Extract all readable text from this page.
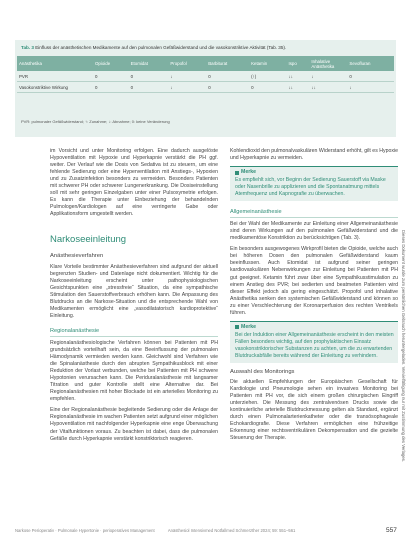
Tab. 3 Einfluss der anästhetischen Medikamente auf den pulmonalen Gefäßwiderstand und die vasokonstriktive Aktivität (Tab. 35).
Anästhetika	Opioide	Etomidat	Propofol	Barbiturat	Ketamin	Ispo	Inhalative Anästhetika	Sevofluran
PVR	0	0	↓	0	(↑)	↓↓	↓	0
Vasokonstriktive Wirkung	0	0	↓	0	0	↓↓	↓↓	↓
PVR: pulmonaler Gefäßwiderstand; ↑: Zunahme; ↓: Abnahme; 0: keine Veränderung

im Vorsicht und unter Monitoring erfolgen. Eine dadurch ausgelöste Hypoventilation mit Hypoxie und Hyperkapnie verstärkt die PH ggf. weiter. Der Verlauf wie die Dosis von Sedativa ist zu steuern, um eine fehlende Sedierung oder eine Hyperventilation mit Anstiegs-, Hypoxien und zu Zusatzinfektion besonders zu vermeiden. Besonders Patienten mit schwerer PH oder schwerer Lungenerkrankung. Die Dosiseinstellung soll mit sehr geringen Einzelgaben unter einer Pulsoxymetrie erfolgen. Es kann die Therapie unter Einbeziehung der behandelnden Pulmologen/Kardiologen auf eine verringerte Gabe oder Applikationsform umgestellt werden.

Narkoseeinleitung
Anästhesieverfahren

Klare Vorteile bestimmter Anästhesieverfahren sind aufgrund der aktuell begrenzten Studien- und Datenlage nicht dokumentiert. Wichtig für die Narkoseeinleitung erscheint unter pathophysiologischen Gesichtspunkten eine „stressfreie“ Situation, da eine sympathische Stimulation den Sauerstoffverbrauch erhöhen kann. Die Anpassung des Blutdrucks an die Narkose-Situation und die entsprechende Wahl von Medikamenten ermöglicht eine „vasodilatatorisch kardioprotektive“ Einleitung.

Regionalanästhesie

Regionalanästhesiologische Verfahren können bei Patienten mit PH grundsätzlich vorteilhaft sein, da eine Beeinflussung der pulmonalen Hämodynamik vermieden werden kann. Gleichwohl sind Verfahren wie die Spinalanästhesie durch den abrupten Sympathikusblock mit einer Reduktion der Vorlast verbunden, welche bei Patienten mit PH schwere Hypotonien verursachen kann. Die Periduralanästhesie mit langsamer Titration und guter Kontrolle stellt eine Alternative dar. Bei Regionalanästhesien mit hoher Blockade ist ein arterielles Monitoring zu empfehlen.

Eine der Regionalanästhesie begleitende Sedierung oder die Anlage der Regionalanästhesie im wachen Patienten setzt aufgrund einer möglichen Hypoventilation mit nachfolgender Hyperkapnie eine enge Überwachung der Vitalfunktionen voraus. Zu beachten ist dabei, dass die pulmonalen Gefäße durch Hyperkapnie verstärkt konstriktorisch reagieren.

Kohlendioxid den pulmonalvaskulären Widerstand erhöht, gilt es Hypoxie und Hyperkapnie zu vermeiden.

Merke
Es empfiehlt sich, vor Beginn der Sedierung Sauerstoff via Maske oder Nasenbrille zu applizieren und die Spontanatmung mittels Atemfrequenz und Kapnografie zu überwachen.
Allgemeinanästhesie

Bei der Wahl der Medikamente zur Einleitung einer Allgemeinanästhesie sind deren Wirkungen auf den pulmonalen Gefäßwiderstand und die medikamentöse Konstriktion zu berücksichtigen (Tab. 3).

Ein besonders ausgewogenes Wirkprofil bieten die Opioide, welche auch bei höheren Dosen den pulmonalen Gefäßwiderstand kaum beeinflussen. Auch Etomidat ist aufgrund seiner geringen kardiovaskulären Nebenwirkungen zur Einleitung bei Patienten mit PH gut geeignet. Ketamin führt zwar über eine Sympathikusstimulation zu einem Anstieg des PVR; bei sedierten und beatmeten Patienten wird dieser Effekt jedoch als gering eingeschätzt. Propofol und inhalative Anästhetika senken den systemischen Gefäßwiderstand und können so zu einer Verschlechterung der Koronarperfusion des rechten Ventrikels führen.

Merke
Bei der Induktion einer Allgemeinanästhesie erscheint in den meisten Fällen besonders wichtig, auf den prophylaktischen Einsatz vasokonstriktorischer Substanzen zu achten, um die zu erwartenden Blutdruckabfälle bereits während der Einleitung zu verhindern.
Auswahl des Monitorings

Die aktuellen Empfehlungen der Europäischen Gesellschaft für Kardiologie und Pneumologie sehen ein invasives Monitoring bei Patienten mit PH vor, die sich einem großen chirurgischen Eingriff unterziehen. Die Messung des zentralvenösen Drucks sowie die kontinuierliche arterielle Blutdruckmessung gelten als Standard, ergänzt durch einen Pulmonalarterienkatheter oder die transösophageale Echokardiografie. Diese Verfahren ermöglichen eine frühzeitige Erkennung einer rechtsventrikulären Dekompensation und die gezielte Steuerung der Therapie.

Narkose Perioperativ · Pulmonale Hypertonie · perioperatives Management	Anästhesiol Intensivmed Notfallmed Schmerzther 2024; 59: 551–561	557
Dieses Dokument wurde zum persönlichen Gebrauch heruntergeladen. Vervielfältigung nur mit Zustimmung des Verlages.
